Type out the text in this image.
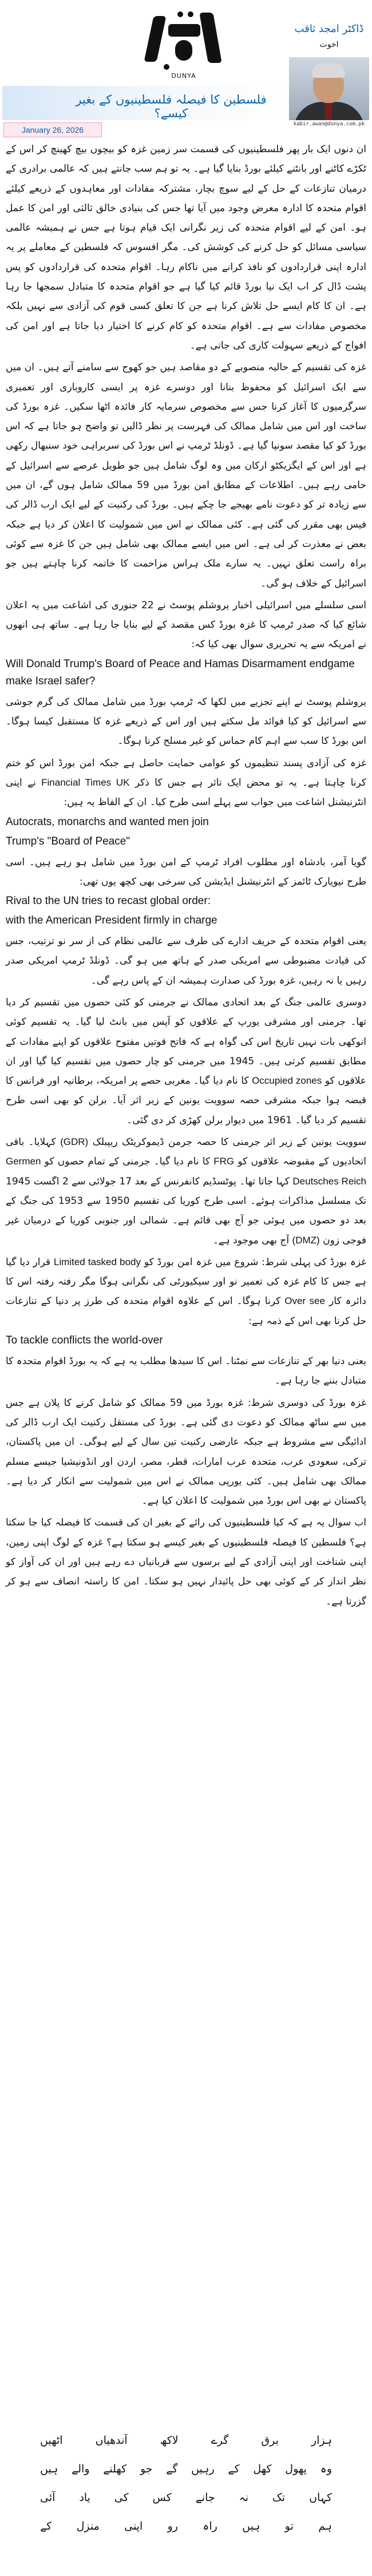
DUNYA
ڈاکٹر امجد ثاقب
اخوت
فلسطین کا فیصلہ فلسطینیوں کے بغیر کیسے؟
kabir.awan@dunya.com.pk
January 26, 2026

ان دنوں ایک بار پھر فلسطینیوں کی قسمت سر زمین غزہ کو بیچوں بیچ کھینچ کر اس کے ٹکڑے کاٹنے اور بانٹنے کیلئے بورڈ بنایا گیا ہے۔ یہ تو ہم سب جانتے ہیں کہ عالمی برادری کے درمیان تنازعات کے حل کے لیے سوچ بچار، مشترکہ مفادات اور معاہدوں کے ذریعے کیلئے اقوام متحدہ کا ادارہ معرض وجود میں آیا تھا جس کی بنیادی خالق ثالثی اور امن کا عمل ہو۔ امن کے لیے اقوام متحدہ کی زیر نگرانی ایک قیام ہوتا ہے جس نے ہمیشہ عالمی سیاسی مسائل کو حل کرنے کی کوشش کی۔ مگر افسوس کہ فلسطین کے معاملے پر یہ ادارہ اپنی قراردادوں کو نافذ کرانے میں ناکام رہا۔ اقوام متحدہ کی قراردادوں کو پس پشت ڈال کر اب ایک نیا بورڈ قائم کیا گیا ہے جو اقوام متحدہ کا متبادل سمجھا جا رہا ہے۔ ان کا کام ایسے حل تلاش کرنا ہے جن کا تعلق کسی قوم کی آزادی سے نہیں بلکہ مخصوص مفادات سے ہے۔ اقوام متحدہ کو کام کرنے کا اختیار دیا جاتا ہے اور امن کی افواج کے ذریعے سہولت کاری کی جاتی ہے۔

غزہ کی تقسیم کے حالیہ منصوبے کے دو مقاصد ہیں جو کھوج سے سامنے آتے ہیں۔ ان میں سے ایک اسرائیل کو محفوظ بنانا اور دوسرے غزہ پر ایسی کاروباری اور تعمیری سرگرمیوں کا آغاز کرنا جس سے مخصوص سرمایہ کار فائدہ اٹھا سکیں۔ غزہ بورڈ کی ساخت اور اس میں شامل ممالک کی فہرست پر نظر ڈالیں تو واضح ہو جاتا ہے کہ اس بورڈ کو کیا مقصد سونپا گیا ہے۔ ڈونلڈ ٹرمپ نے اس بورڈ کی سربراہی خود سنبھال رکھی ہے اور اس کے ایگزیکٹو ارکان میں وہ لوگ شامل ہیں جو طویل عرصے سے اسرائیل کے حامی رہے ہیں۔ اطلاعات کے مطابق امن بورڈ میں 59 ممالک شامل ہوں گے، ان میں سے زیادہ تر کو دعوت نامے بھیجے جا چکے ہیں۔ بورڈ کی رکنیت کے لیے ایک ارب ڈالر کی فیس بھی مقرر کی گئی ہے۔ کئی ممالک نے اس میں شمولیت کا اعلان کر دیا ہے جبکہ بعض نے معذرت کر لی ہے۔ اس میں ایسے ممالک بھی شامل ہیں جن کا غزہ سے کوئی براہ راست تعلق نہیں۔ یہ سارے ملک ہراس مزاحمت کا خاتمہ کرنا چاہتے ہیں جو اسرائیل کے خلاف ہو گی۔

اسی سلسلے میں اسرائیلی اخبار یروشلم پوسٹ نے 22 جنوری کی اشاعت میں یہ اعلان شائع کیا کہ صدر ٹرمپ کا غزہ بورڈ کس مقصد کے لیے بنایا جا رہا ہے۔ ساتھ ہی انھوں نے امریکہ سے یہ تحریری سوال بھی کیا کہ:
Will Donald Trump's Board of Peace and Hamas Disarmament endgame make Israel safer?
یروشلم پوسٹ نے اپنے تجزیے میں لکھا کہ ٹرمپ بورڈ میں شامل ممالک کی گرم جوشی سے اسرائیل کو کیا فوائد مل سکتے ہیں اور اس کے ذریعے غزہ کا مستقبل کیسا ہوگا۔ اس بورڈ کا سب سے اہم کام حماس کو غیر مسلح کرنا ہوگا۔

غزہ کی آزادی پسند تنظیموں کو عوامی حمایت حاصل ہے جبکہ امن بورڈ اس کو ختم کرنا چاہتا ہے۔ یہ تو محض ایک تاثر ہے جس کا ذکر Financial Times UK نے اپنی انٹرنیشنل اشاعت میں جواب سے پہلے اسی طرح کیا۔ ان کے الفاظ یہ ہیں:
Autocrats, monarchs and wanted men join
Trump's "Board of Peace"
گویا آمر، بادشاہ اور مطلوب افراد ٹرمپ کے امن بورڈ میں شامل ہو رہے ہیں۔ اسی طرح نیویارک ٹائمز کے انٹرنیشنل ایڈیشن کی سرخی بھی کچھ یوں تھی:
Rival to the UN tries to recast global order:
with the American President firmly in charge
یعنی اقوام متحدہ کے حریف ادارے کی طرف سے عالمی نظام کی از سر نو ترتیب، جس کی قیادت مضبوطی سے امریکی صدر کے ہاتھ میں ہو گی۔ ڈونلڈ ٹرمپ امریکی صدر رہیں یا نہ رہیں، غزہ بورڈ کی صدارت ہمیشہ ان کے پاس رہے گی۔

دوسری عالمی جنگ کے بعد اتحادی ممالک نے جرمنی کو کئی حصوں میں تقسیم کر دیا تھا۔ جرمنی اور مشرقی یورپ کے علاقوں کو آپس میں بانٹ لیا گیا۔ یہ تقسیم کوئی انوکھی بات نہیں تاریخ اس کی گواہ ہے کہ فاتح قوتیں مفتوح علاقوں کو اپنے مفادات کے مطابق تقسیم کرتی ہیں۔ 1945 میں جرمنی کو چار حصوں میں تقسیم کیا گیا اور ان علاقوں کو Occupied zones کا نام دیا گیا۔ مغربی حصے پر امریکہ، برطانیہ اور فرانس کا قبضہ ہوا جبکہ مشرقی حصہ سوویت یونین کے زیر اثر آیا۔ برلن کو بھی اسی طرح تقسیم کر دیا گیا۔ 1961 میں دیوار برلن کھڑی کر دی گئی۔

سوویت یونین کے زیر اثر جرمنی کا حصہ جرمن ڈیموکریٹک ریپبلک (GDR) کہلایا۔ باقی اتحادیوں کے مقبوضہ علاقوں کو FRG کا نام دیا گیا۔ جرمنی کے تمام حصوں کو Germen Deutsches Reich کہا جاتا تھا۔ پوٹسڈیم کانفرنس کے بعد 17 جولائی سے 2 اگست 1945 تک مسلسل مذاکرات ہوئے۔ اسی طرح کوریا کی تقسیم 1950 سے 1953 کی جنگ کے بعد دو حصوں میں ہوئی جو آج بھی قائم ہے۔ شمالی اور جنوبی کوریا کے درمیان غیر فوجی زون (DMZ) آج بھی موجود ہے۔

غزہ بورڈ کی پہلی شرط: شروع میں غزہ امن بورڈ کو Limited tasked body قرار دیا گیا ہے جس کا کام غزہ کی تعمیر نو اور سیکیورٹی کی نگرانی ہوگا مگر رفتہ رفتہ اس کا دائرہ کار Over see کرنا ہوگا۔ اس کے علاوہ اقوام متحدہ کی طرز پر دنیا کے تنازعات حل کرنا بھی اس کے ذمہ ہے:
To tackle conflicts the world-over
یعنی دنیا بھر کے تنازعات سے نمٹنا۔ اس کا سیدھا مطلب یہ ہے کہ یہ بورڈ اقوام متحدہ کا متبادل بننے جا رہا ہے۔

غزہ بورڈ کی دوسری شرط: غزہ بورڈ میں 59 ممالک کو شامل کرنے کا پلان ہے جس میں سے ساٹھ ممالک کو دعوت دی گئی ہے۔ بورڈ کی مستقل رکنیت ایک ارب ڈالر کی ادائیگی سے مشروط ہے جبکہ عارضی رکنیت تین سال کے لیے ہوگی۔ ان میں پاکستان، ترکی، سعودی عرب، متحدہ عرب امارات، قطر، مصر، اردن اور انڈونیشیا جیسے مسلم ممالک بھی شامل ہیں۔ کئی یورپی ممالک نے اس میں شمولیت سے انکار کر دیا ہے۔ پاکستان نے بھی اس بورڈ میں شمولیت کا اعلان کیا ہے۔

اب سوال یہ ہے کہ کیا فلسطینیوں کی رائے کے بغیر ان کی قسمت کا فیصلہ کیا جا سکتا ہے؟ فلسطین کا فیصلہ فلسطینیوں کے بغیر کیسے ہو سکتا ہے؟ غزہ کے لوگ اپنی زمین، اپنی شناخت اور اپنی آزادی کے لیے برسوں سے قربانیاں دے رہے ہیں اور ان کی آواز کو نظر انداز کر کے کوئی بھی حل پائیدار نہیں ہو سکتا۔ امن کا راستہ انصاف سے ہو کر گزرتا ہے۔

ہزار
برق
گرے
لاکھ
آندھیاں
اٹھیں
وہ
پھول
کھل
کے
رہیں
گے
جو
کھلنے
والے
ہیں
کہاں
تک
نہ
جانے
کس
کی
یاد
آئی
ہم
تو
ہیں
راہ
رو
اپنی
منزل
کے
